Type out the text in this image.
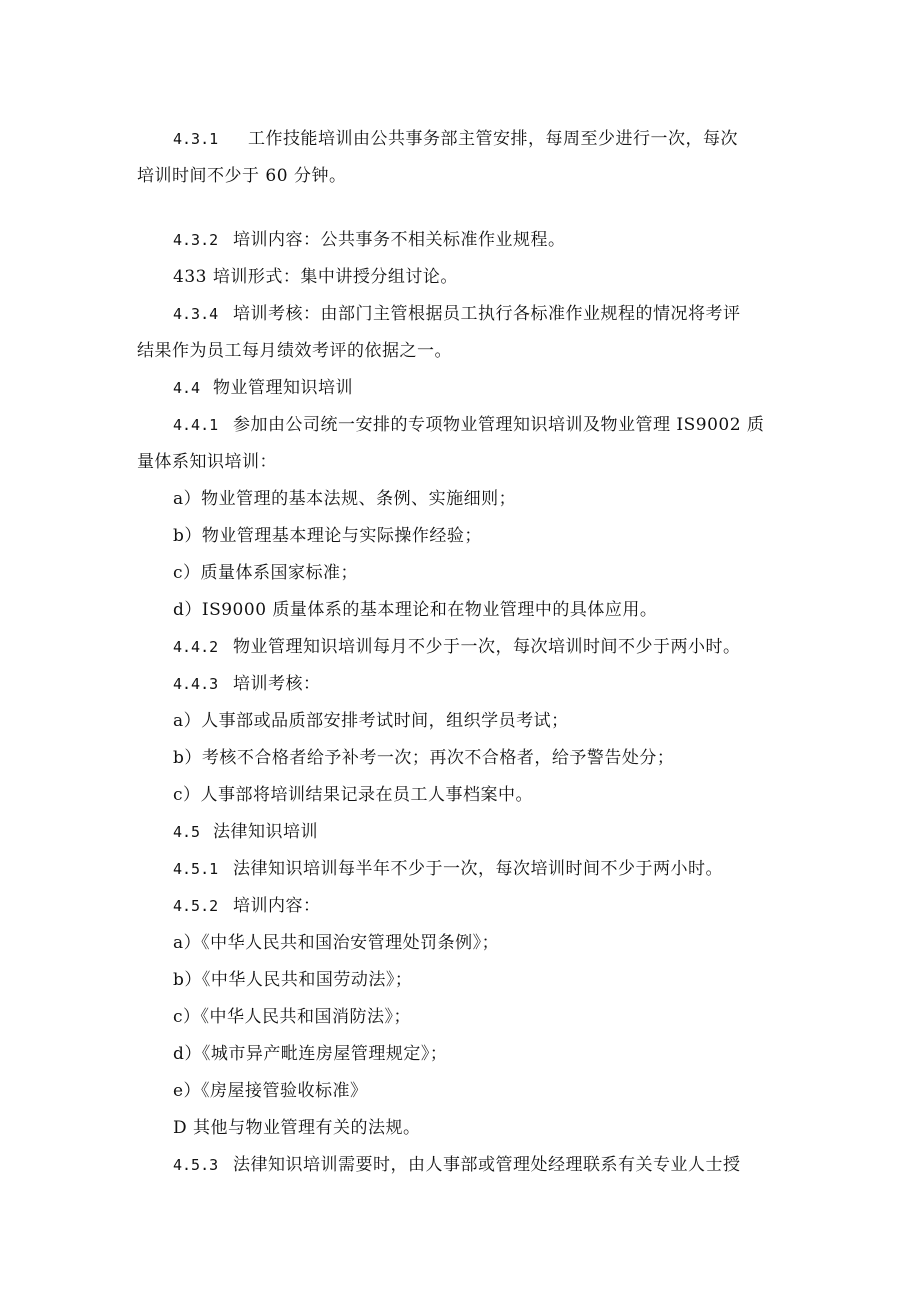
4.3.1 工作技能培训由公共事务部主管安排，每周至少进行一次，每次
培训时间不少于 60 分钟。
4.3.2 培训内容：公共事务不相关标准作业规程。
433 培训形式：集中讲授分组讨论。
4.3.4 培训考核：由部门主管根据员工执行各标准作业规程的情况将考评
结果作为员工每月绩效考评的依据之一。
4.4 物业管理知识培训
4.4.1 参加由公司统一安排的专项物业管理知识培训及物业管理 IS9002 质
量体系知识培训：
a）物业管理的基本法规、条例、实施细则；
b）物业管理基本理论与实际操作经验；
c）质量体系国家标准；
d）IS9000 质量体系的基本理论和在物业管理中的具体应用。
4.4.2 物业管理知识培训每月不少于一次，每次培训时间不少于两小时。
4.4.3 培训考核：
a）人事部或品质部安排考试时间，组织学员考试；
b）考核不合格者给予补考一次；再次不合格者，给予警告处分；
c）人事部将培训结果记录在员工人事档案中。
4.5 法律知识培训
4.5.1 法律知识培训每半年不少于一次，每次培训时间不少于两小时。
4.5.2 培训内容：
a）《中华人民共和国治安管理处罚条例》；
b）《中华人民共和国劳动法》；
c）《中华人民共和国消防法》；
d）《城市异产毗连房屋管理规定》；
e）《房屋接管验收标准》
D 其他与物业管理有关的法规。
4.5.3 法律知识培训需要时，由人事部或管理处经理联系有关专业人士授
